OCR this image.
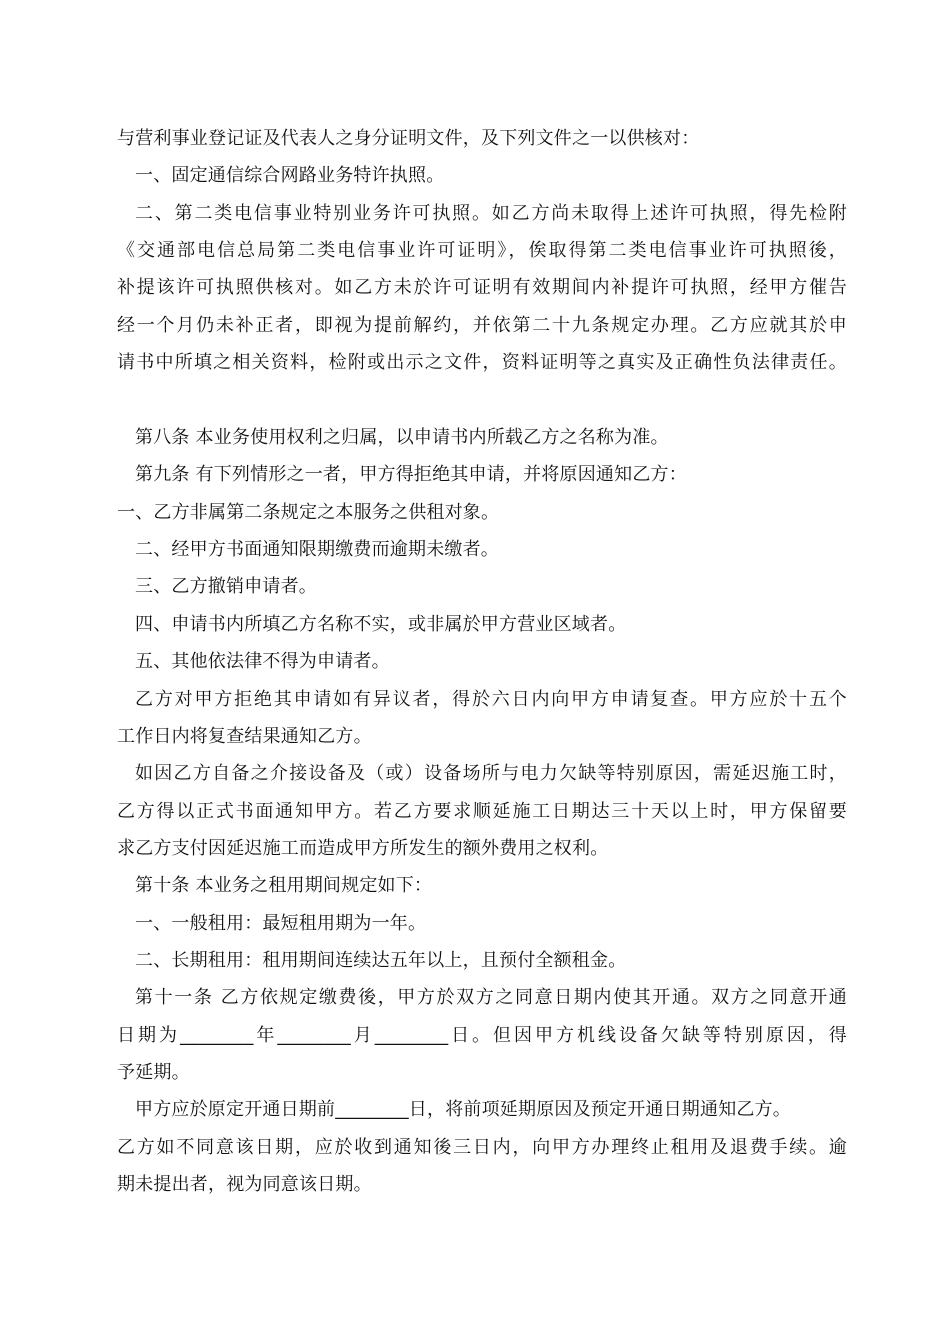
与营利事业登记证及代表人之身分证明文件，及下列文件之一以供核对：
一、固定通信综合网路业务特许执照。
二、第二类电信事业特别业务许可执照。如乙方尚未取得上述许可执照，得先检附
《交通部电信总局第二类电信事业许可证明》，俟取得第二类电信事业许可执照後，
补提该许可执照供核对。如乙方未於许可证明有效期间内补提许可执照，经甲方催告
经一个月仍未补正者，即视为提前解约，并依第二十九条规定办理。乙方应就其於申
请书中所填之相关资料，检附或出示之文件，资料证明等之真实及正确性负法律责任。
第八条 本业务使用权利之归属，以申请书内所载乙方之名称为准。
第九条 有下列情形之一者，甲方得拒绝其申请，并将原因通知乙方：
一、乙方非属第二条规定之本服务之供租对象。
二、经甲方书面通知限期缴费而逾期未缴者。
三、乙方撤销申请者。
四、申请书内所填乙方名称不实，或非属於甲方营业区域者。
五、其他依法律不得为申请者。
乙方对甲方拒绝其申请如有异议者，得於六日内向甲方申请复查。甲方应於十五个
工作日内将复查结果通知乙方。
如因乙方自备之介接设备及（或）设备场所与电力欠缺等特别原因，需延迟施工时，
乙方得以正式书面通知甲方。若乙方要求顺延施工日期达三十天以上时，甲方保留要
求乙方支付因延迟施工而造成甲方所发生的额外费用之权利。
第十条 本业务之租用期间规定如下：
一、一般租用：最短租用期为一年。
二、长期租用：租用期间连续达五年以上，且预付全额租金。
第十一条 乙方依规定缴费後，甲方於双方之同意日期内使其开通。双方之同意开通
日期为________年________月________日。但因甲方机线设备欠缺等特别原因，得
予延期。
甲方应於原定开通日期前________日，将前项延期原因及预定开通日期通知乙方。
乙方如不同意该日期，应於收到通知後三日内，向甲方办理终止租用及退费手续。逾
期未提出者，视为同意该日期。
